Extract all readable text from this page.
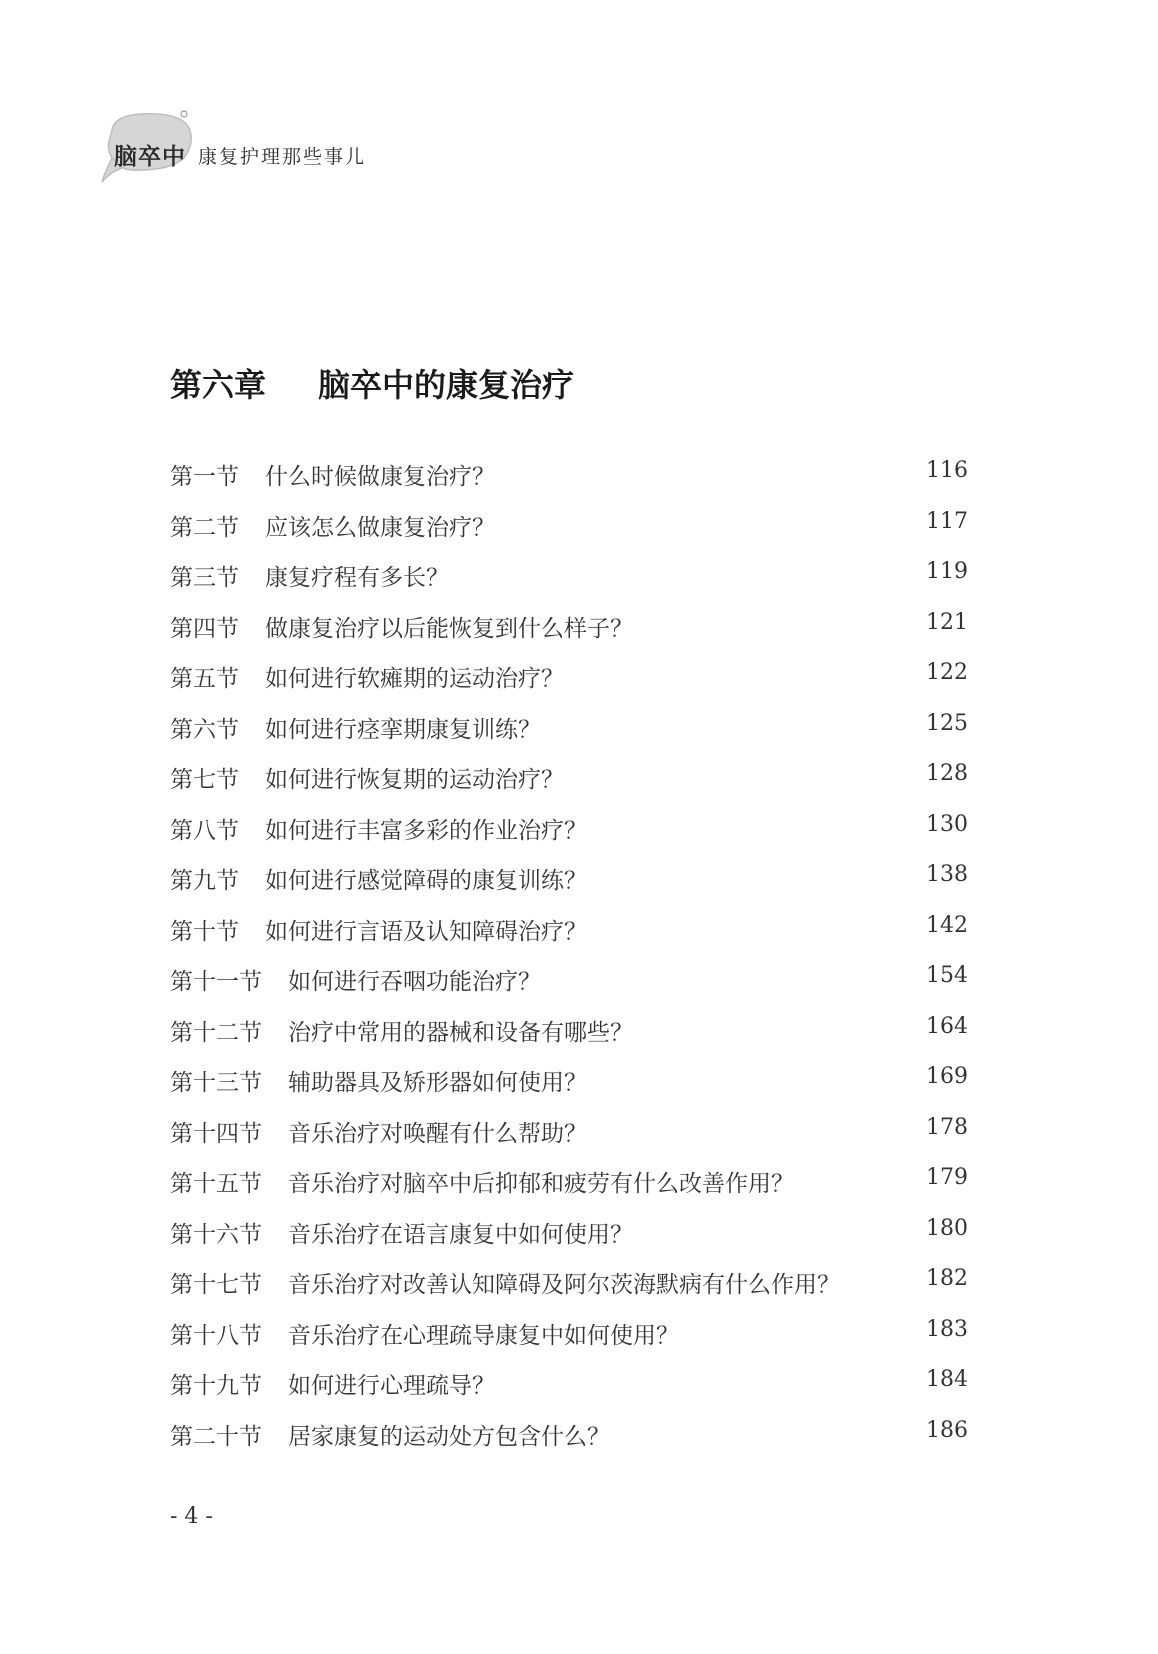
脑卒中 康复护理那些事儿
第六章 脑卒中的康复治疗
第一节 什么时候做康复治疗？	116
第二节 应该怎么做康复治疗？	117
第三节 康复疗程有多长？	119
第四节 做康复治疗以后能恢复到什么样子？	121
第五节 如何进行软瘫期的运动治疗？	122
第六节 如何进行痉挛期康复训练？	125
第七节 如何进行恢复期的运动治疗？	128
第八节 如何进行丰富多彩的作业治疗？	130
第九节 如何进行感觉障碍的康复训练？	138
第十节 如何进行言语及认知障碍治疗？	142
第十一节 如何进行吞咽功能治疗？	154
第十二节 治疗中常用的器械和设备有哪些？	164
第十三节 辅助器具及矫形器如何使用？	169
第十四节 音乐治疗对唤醒有什么帮助？	178
第十五节 音乐治疗对脑卒中后抑郁和疲劳有什么改善作用？	179
第十六节 音乐治疗在语言康复中如何使用？	180
第十七节 音乐治疗对改善认知障碍及阿尔茨海默病有什么作用？	182
第十八节 音乐治疗在心理疏导康复中如何使用？	183
第十九节 如何进行心理疏导？	184
第二十节 居家康复的运动处方包含什么？	186
- 4 -
